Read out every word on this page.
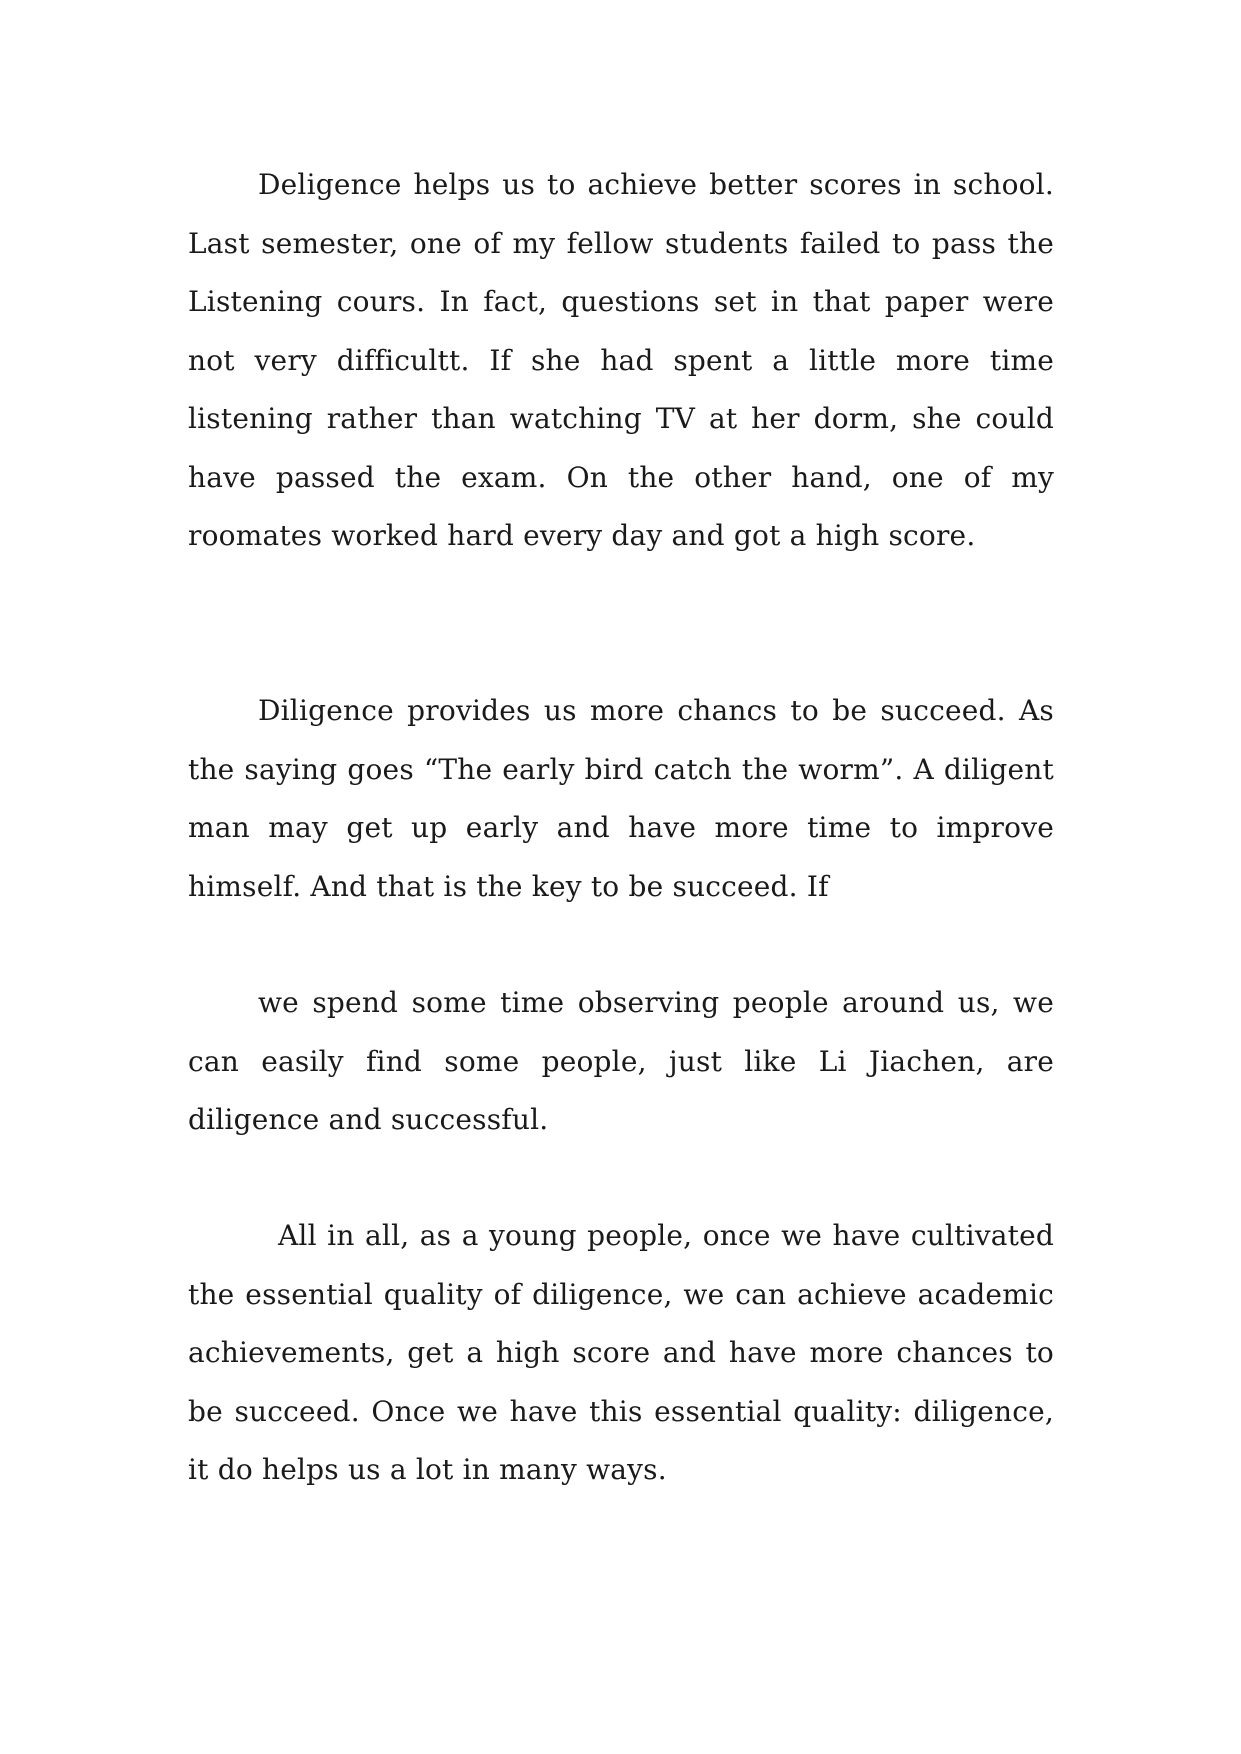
Deligence helps us to achieve better scores in school. Last semester, one of my fellow students failed to pass the Listening cours. In fact, questions set in that paper were not very difficultt. If she had spent a little more time listening rather than watching TV at her dorm, she could have passed the exam. On the other hand, one of my roomates worked hard every day and got a high score.

Diligence provides us more chancs to be succeed. As the saying goes “The early bird catch the worm”. A diligent man may get up early and have more time to improve himself. And that is the key to be succeed. If

we spend some time observing people around us, we can easily find some people, just like Li Jiachen, are diligence and successful.

All in all, as a young people, once we have cultivated the essential quality of diligence, we can achieve academic achievements, get a high score and have more chances to be succeed. Once we have this essential quality: diligence, it do helps us a lot in many ways.
